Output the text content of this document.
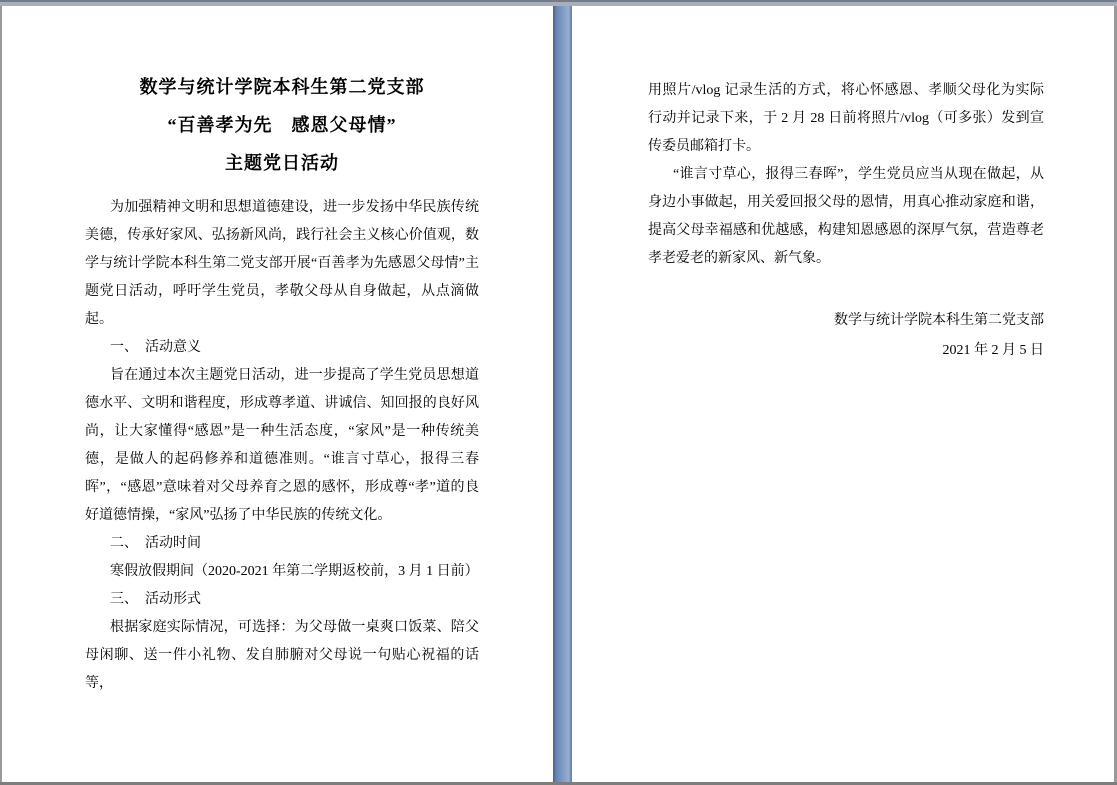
数学与统计学院本科生第二党支部

“百善孝为先　感恩父母情”

主题党日活动

为加强精神文明和思想道德建设，进一步发扬中华民族传统美德，传承好家风、弘扬新风尚，践行社会主义核心价值观，数学与统计学院本科生第二党支部开展“百善孝为先感恩父母情”主题党日活动，呼吁学生党员，孝敬父母从自身做起，从点滴做起。

一、　活动意义

旨在通过本次主题党日活动，进一步提高了学生党员思想道德水平、文明和谐程度，形成尊孝道、讲诚信、知回报的良好风尚，让大家懂得“感恩”是一种生活态度，“家风”是一种传统美德，是做人的起码修养和道德准则。“谁言寸草心，报得三春晖”，“感恩”意味着对父母养育之恩的感怀，形成尊“孝”道的良好道德情操，“家风”弘扬了中华民族的传统文化。

二、　活动时间

寒假放假期间（2020-2021 年第二学期返校前，3 月 1 日前）

三、　活动形式

根据家庭实际情况，可选择：为父母做一桌爽口饭菜、陪父母闲聊、送一件小礼物、发自肺腑对父母说一句贴心祝福的话等，

用照片/vlog 记录生活的方式，将心怀感恩、孝顺父母化为实际行动并记录下来，于 2 月 28 日前将照片/vlog（可多张）发到宣传委员邮箱打卡。

“谁言寸草心，报得三春晖”，学生党员应当从现在做起，从身边小事做起，用关爱回报父母的恩情，用真心推动家庭和谐，提高父母幸福感和优越感，构建知恩感恩的深厚气氛，营造尊老孝老爱老的新家风、新气象。

数学与统计学院本科生第二党支部

2021 年 2 月 5 日
